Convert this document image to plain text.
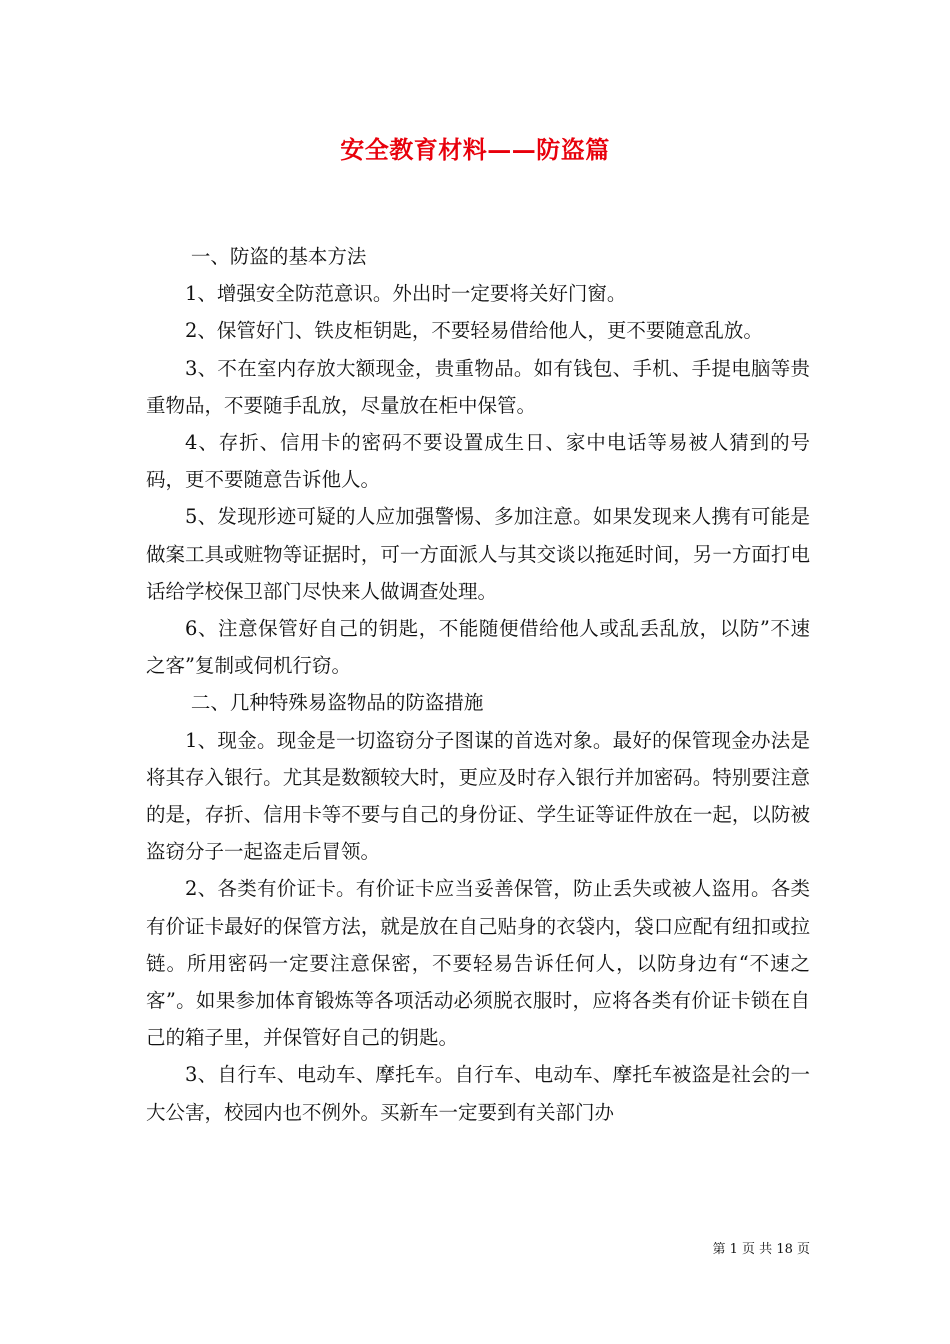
安全教育材料——防盗篇

一、防盗的基本方法

1、增强安全防范意识。外出时一定要将关好门窗。

2、保管好门、铁皮柜钥匙，不要轻易借给他人，更不要随意乱放。

3、不在室内存放大额现金，贵重物品。如有钱包、手机、手提电脑等贵重物品，不要随手乱放，尽量放在柜中保管。

4、存折、信用卡的密码不要设置成生日、家中电话等易被人猜到的号码，更不要随意告诉他人。

5、发现形迹可疑的人应加强警惕、多加注意。如果发现来人携有可能是做案工具或赃物等证据时，可一方面派人与其交谈以拖延时间，另一方面打电话给学校保卫部门尽快来人做调查处理。

6、注意保管好自己的钥匙，不能随便借给他人或乱丢乱放，以防”不速之客”复制或伺机行窃。

二、几种特殊易盗物品的防盗措施

1、现金。现金是一切盗窃分子图谋的首选对象。最好的保管现金办法是将其存入银行。尤其是数额较大时，更应及时存入银行并加密码。特别要注意的是，存折、信用卡等不要与自己的身份证、学生证等证件放在一起，以防被盗窃分子一起盗走后冒领。

2、各类有价证卡。有价证卡应当妥善保管，防止丢失或被人盗用。各类有价证卡最好的保管方法，就是放在自己贴身的衣袋内，袋口应配有纽扣或拉链。所用密码一定要注意保密，不要轻易告诉任何人，以防身边有“不速之客”。如果参加体育锻炼等各项活动必须脱衣服时，应将各类有价证卡锁在自己的箱子里，并保管好自己的钥匙。

3、自行车、电动车、摩托车。自行车、电动车、摩托车被盗是社会的一大公害，校园内也不例外。买新车一定要到有关部门办

第 1 页 共 18 页
